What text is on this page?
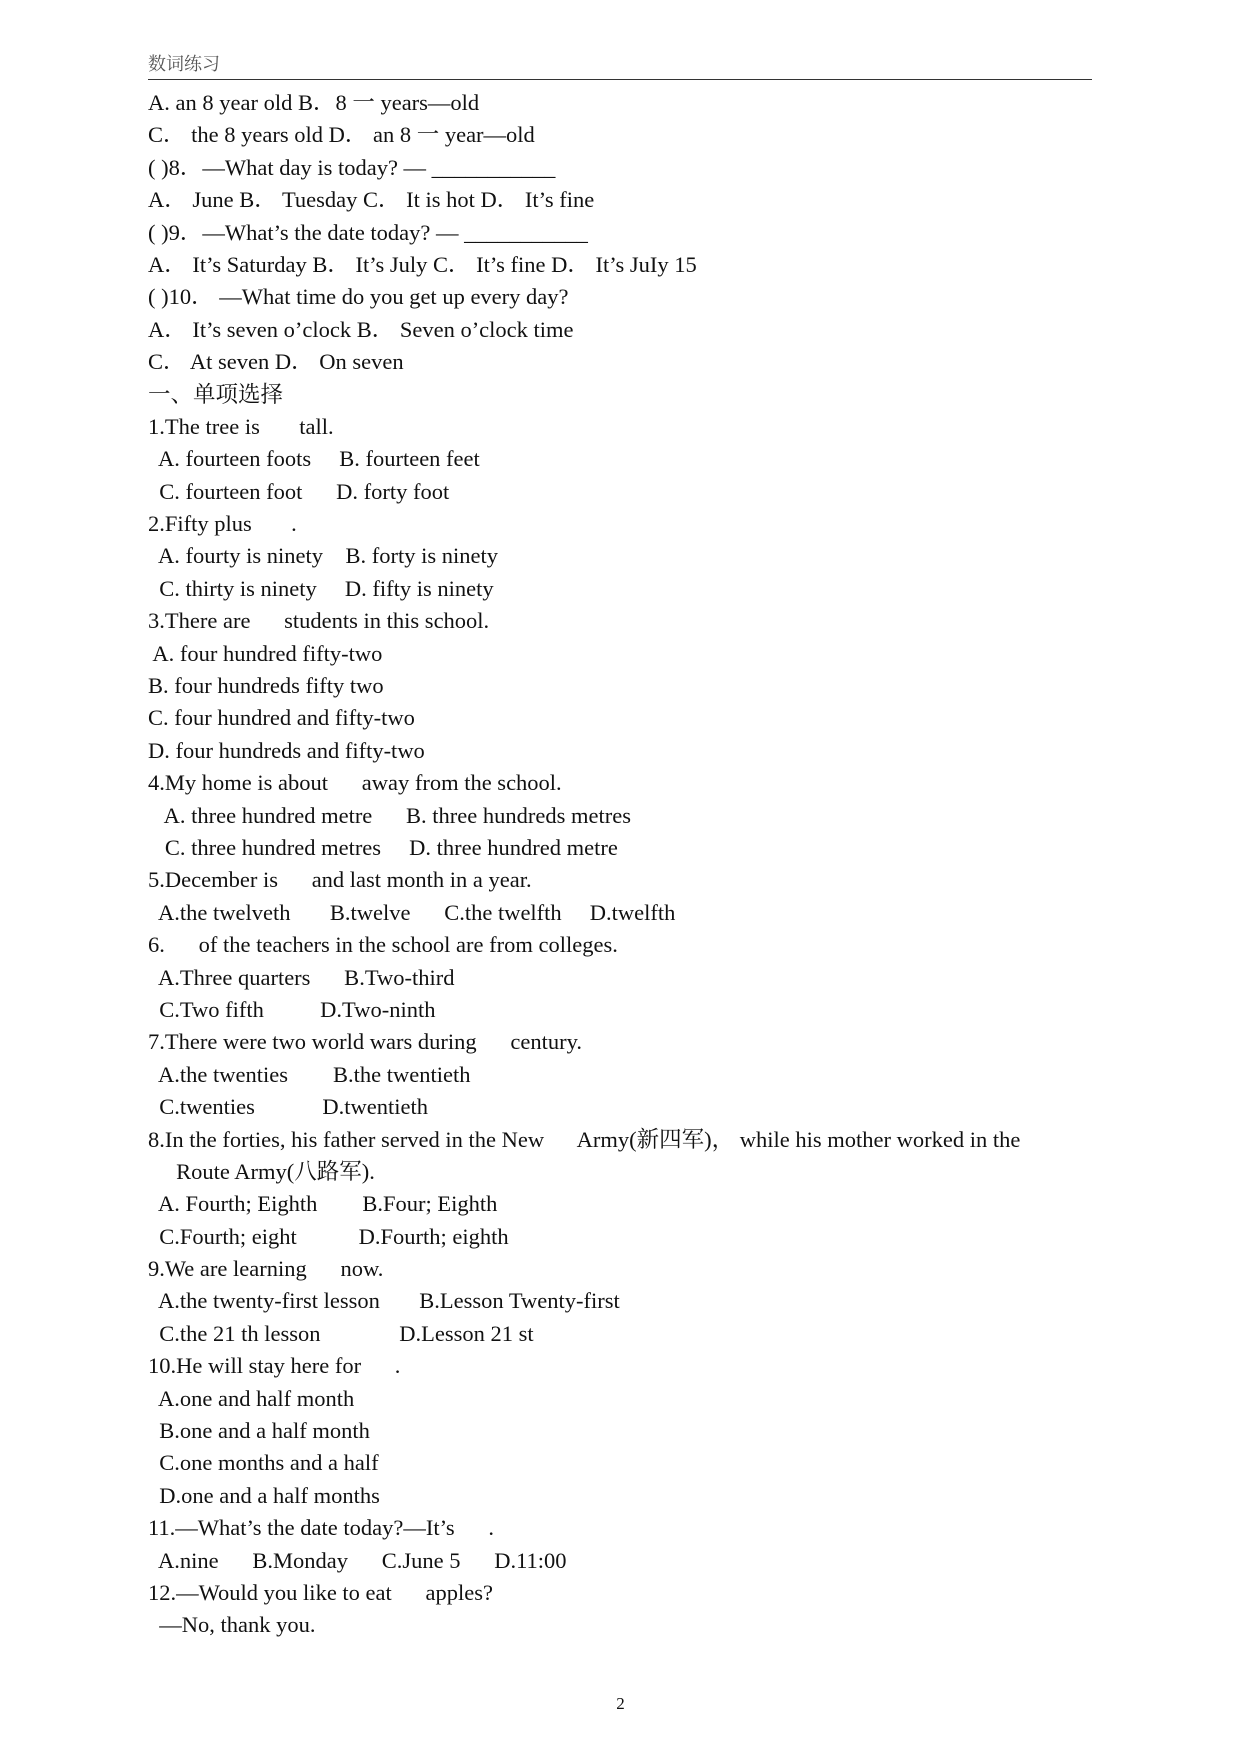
数词练习
A. an 8 year old B．8 一 years—old
C． the 8 years old D． an 8 一 year—old
( )8．—What day is today? — ___________
A． June B． Tuesday C． It is hot D． It’s fine
( )9．—What’s the date today? — ___________
A． It’s Saturday B． It’s July C． It’s fine D． It’s JuIy 15
( )10． —What time do you get up every day?
A． It’s seven o’clock B． Seven o’clock time
C． At seven D． On seven
一、单项选择
1.The tree is       tall.
A. fourteen foots     B. fourteen feet
C. fourteen foot      D. forty foot
2.Fifty plus       .
A. fourty is ninety    B. forty is ninety
C. thirty is ninety     D. fifty is ninety
3.There are      students in this school.
A. four hundred fifty-two
B. four hundreds fifty two
C. four hundred and fifty-two
D. four hundreds and fifty-two
4.My home is about      away from the school.
A. three hundred metre      B. three hundreds metres
C. three hundred metres     D. three hundred metre
5.December is      and last month in a year.
A.the twelveth       B.twelve      C.the twelfth     D.twelfth
6.      of the teachers in the school are from colleges.
A.Three quarters      B.Two-third
C.Two fifth          D.Two-ninth
7.There were two world wars during      century.
A.the twenties        B.the twentieth
C.twenties            D.twentieth
8.In the forties, his father served in the New      Army(新四军)， while his mother worked in the
Route Army(八路军).
A. Fourth; Eighth        B.Four; Eighth
C.Fourth; eight           D.Fourth; eighth
9.We are learning      now.
A.the twenty-first lesson       B.Lesson Twenty-first
C.the 21 th lesson              D.Lesson 21 st
10.He will stay here for      .
A.one and half month
B.one and a half month
C.one months and a half
D.one and a half months
11.—What’s the date today?—It’s      .
A.nine      B.Monday      C.June 5      D.11:00
12.—Would you like to eat      apples?
—No, thank you.
2
